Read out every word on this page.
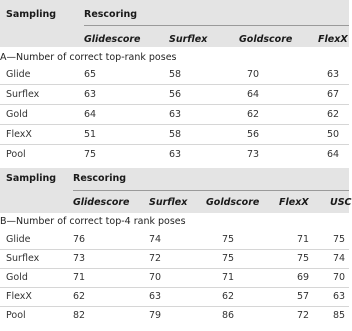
Sampling	Rescoring
Glidescore	Surflex	Goldscore	FlexX
A—Number of correct top-rank poses
Glide	65	58	70	63
Surflex	63	56	64	67
Gold	64	63	62	62
FlexX	51	58	56	50
Pool	75	63	73	64
Sampling Rescoring
Glidescore Surflex Goldscore FlexX USC
B—Number of correct top-4 rank poses
Glide	76	74	75	71	75
Surflex	73	72	75	75	74
Gold	71	70	71	69	70
FlexX	62	63	62	57	63
Pool	82	79	86	72	85
